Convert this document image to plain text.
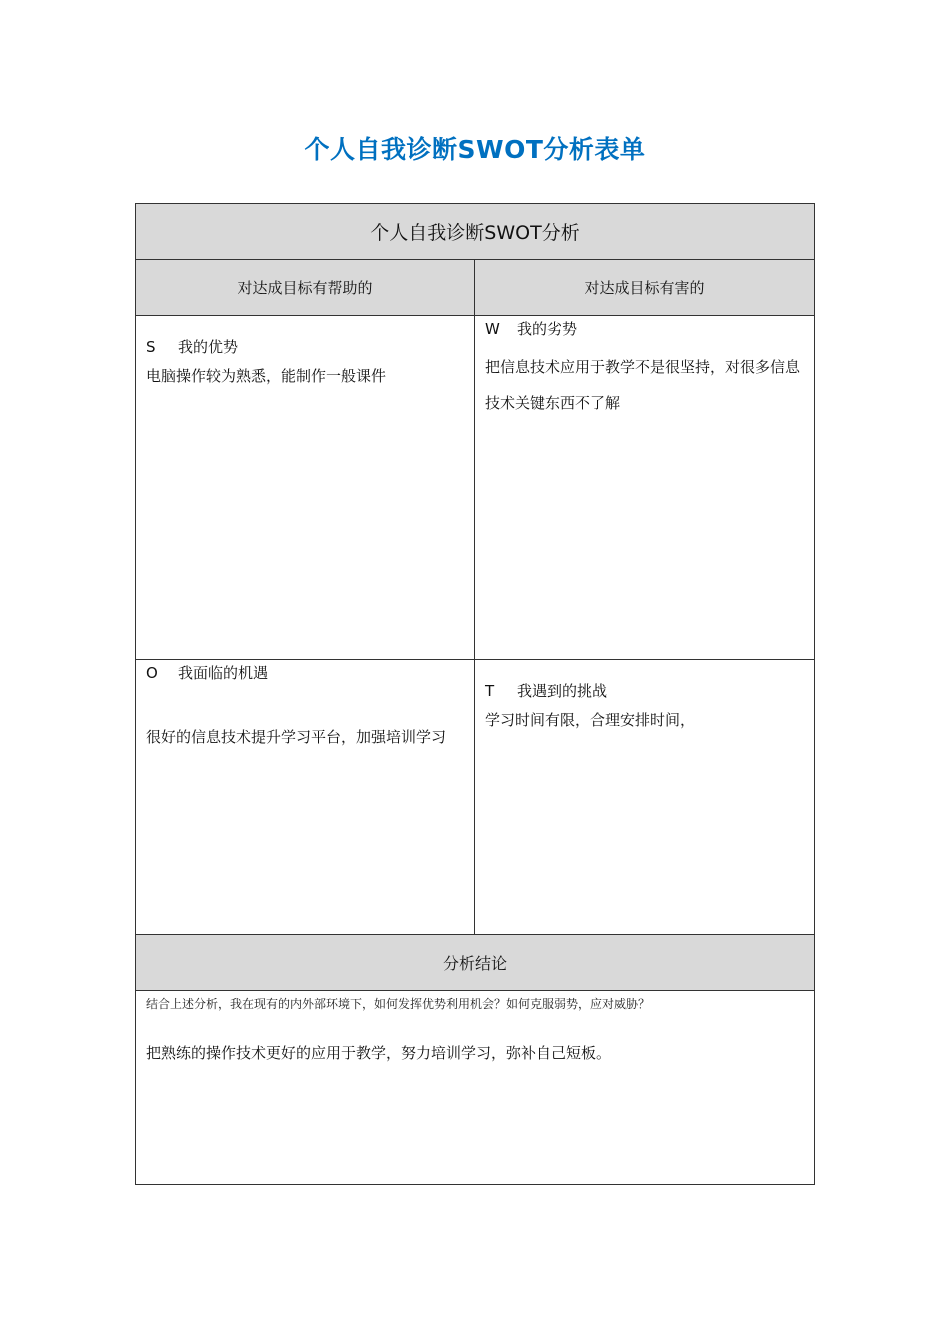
个人自我诊断SWOT分析表单
个人自我诊断SWOT分析
对达成目标有帮助的	对达成目标有害的
S 我的优势
电脑操作较为熟悉，能制作一般课件
W 我的劣势
把信息技术应用于教学不是很坚持，对很多信息技术关键东西不了解
O 我面临的机遇
很好的信息技术提升学习平台，加强培训学习
T 我遇到的挑战
学习时间有限，合理安排时间，
分析结论
结合上述分析，我在现有的内外部环境下，如何发挥优势利用机会？如何克服弱势，应对威胁？
把熟练的操作技术更好的应用于教学，努力培训学习，弥补自己短板。
